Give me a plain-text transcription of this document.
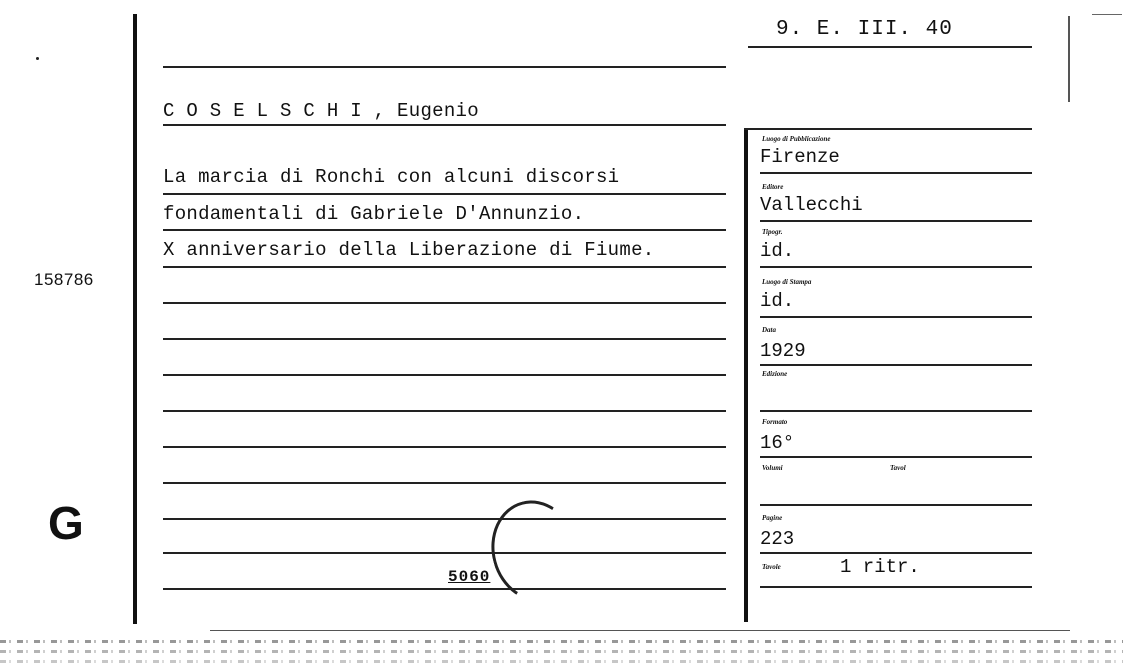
158786
G
9. E. III. 40
C O S E L S C H I , Eugenio
La marcia di Ronchi con alcuni discorsi
fondamentali di Gabriele D'Annunzio.
X anniversario della Liberazione di Fiume.
5060
Luogo di Pubblicazione
Firenze
Editore
Vallecchi
Tipogr.
id.
Luogo di Stampa
id.
Data
1929
Edizione
Formato
16°
Volumi	Tavol
Pagine
223
Tavole	1 ritr.
